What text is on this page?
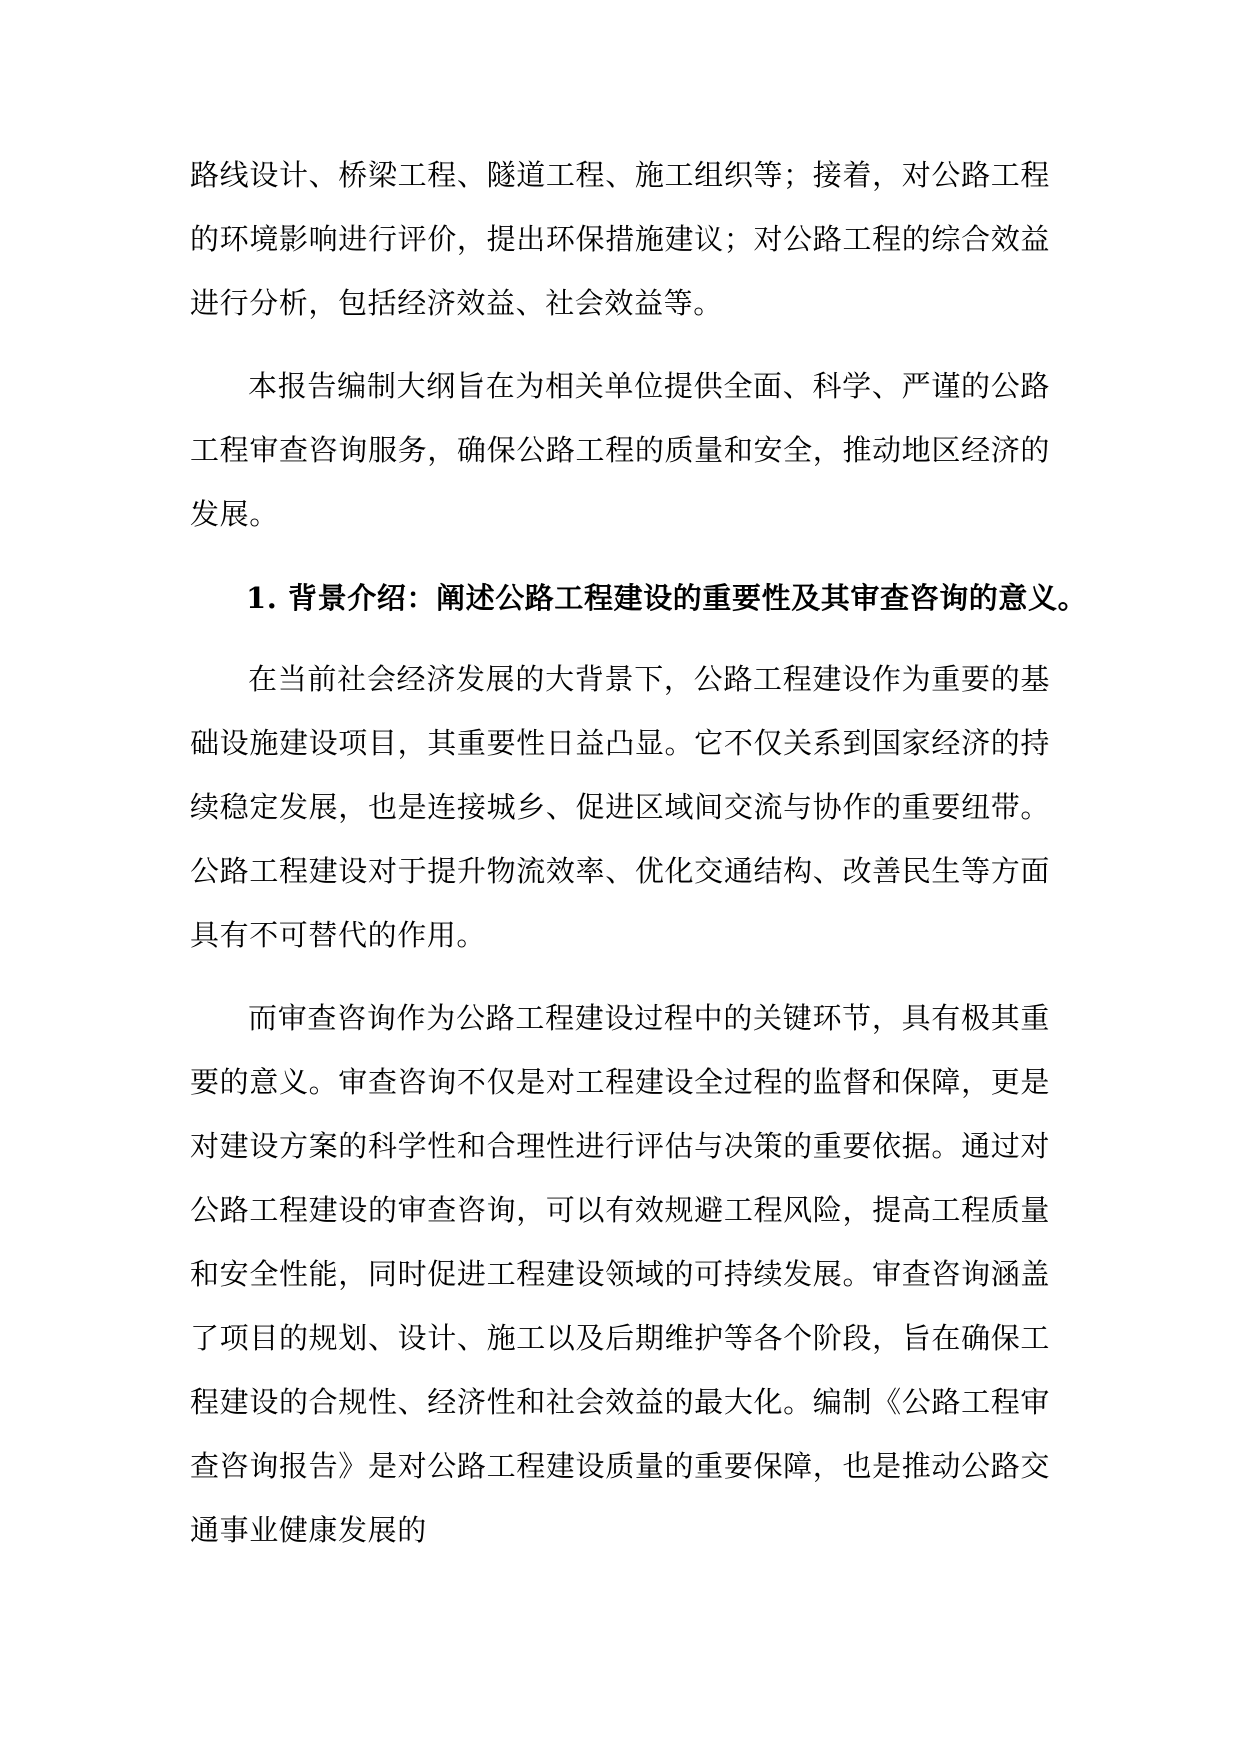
路线设计、桥梁工程、隧道工程、施工组织等；接着，对公路工程的环境影响进行评价，提出环保措施建议；对公路工程的综合效益进行分析，包括经济效益、社会效益等。

本报告编制大纲旨在为相关单位提供全面、科学、严谨的公路工程审查咨询服务，确保公路工程的质量和安全，推动地区经济的发展。

1. 背景介绍：阐述公路工程建设的重要性及其审查咨询的意义。

在当前社会经济发展的大背景下，公路工程建设作为重要的基础设施建设项目，其重要性日益凸显。它不仅关系到国家经济的持续稳定发展，也是连接城乡、促进区域间交流与协作的重要纽带。公路工程建设对于提升物流效率、优化交通结构、改善民生等方面具有不可替代的作用。

而审查咨询作为公路工程建设过程中的关键环节，具有极其重要的意义。审查咨询不仅是对工程建设全过程的监督和保障，更是对建设方案的科学性和合理性进行评估与决策的重要依据。通过对公路工程建设的审查咨询，可以有效规避工程风险，提高工程质量和安全性能，同时促进工程建设领域的可持续发展。审查咨询涵盖了项目的规划、设计、施工以及后期维护等各个阶段，旨在确保工程建设的合规性、经济性和社会效益的最大化。编制《公路工程审查咨询报告》是对公路工程建设质量的重要保障，也是推动公路交通事业健康发展的
